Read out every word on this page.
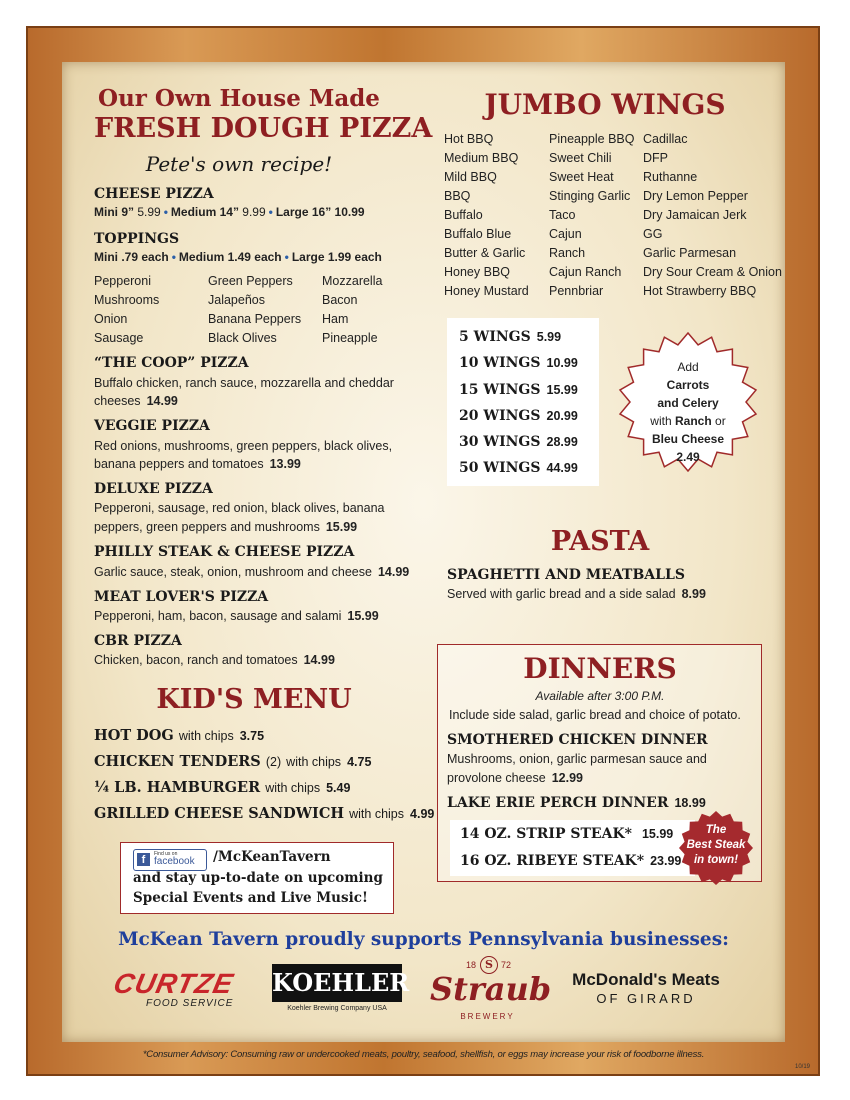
Our Own House Made
FRESH DOUGH PIZZA
Pete's own recipe!
CHEESE PIZZA
Mini 9” 5.99 • Medium 14” 9.99 • Large 16” 10.99
TOPPINGS
Mini .79 each • Medium 1.49 each • Large 1.99 each
Pepperoni
Mushrooms
Onion
Sausage
Green Peppers
Jalapeños
Banana Peppers
Black Olives
Mozzarella
Bacon
Ham
Pineapple
“THE COOP” PIZZA
Buffalo chicken, ranch sauce, mozzarella and cheddar
cheeses 14.99
VEGGIE PIZZA
Red onions, mushrooms, green peppers, black olives,
banana peppers and tomatoes 13.99
DELUXE PIZZA
Pepperoni, sausage, red onion, black olives, banana
peppers, green peppers and mushrooms 15.99
PHILLY STEAK & CHEESE PIZZA
Garlic sauce, steak, onion, mushroom and cheese 14.99
MEAT LOVER'S PIZZA
Pepperoni, ham, bacon, sausage and salami 15.99
CBR PIZZA
Chicken, bacon, ranch and tomatoes 14.99
KID'S MENU
HOT DOG with chips 3.75
CHICKEN TENDERS (2) with chips 4.75
¼ LB. HAMBURGER with chips 5.49
GRILLED CHEESE SANDWICH with chips 4.99
f	Find us on
facebook /McKeanTavern
and stay up-to-date on upcoming
Special Events and Live Music!
JUMBO WINGS
Hot BBQ
Medium BBQ
Mild BBQ
BBQ
Buffalo
Buffalo Blue
Butter & Garlic
Honey BBQ
Honey Mustard
Pineapple BBQ
Sweet Chili
Sweet Heat
Stinging Garlic
Taco
Cajun
Ranch
Cajun Ranch
Pennbriar
Cadillac
DFP
Ruthanne
Dry Lemon Pepper
Dry Jamaican Jerk
GG
Garlic Parmesan
Dry Sour Cream & Onion
Hot Strawberry BBQ
5 WINGS 5.99
10 WINGS 10.99
15 WINGS 15.99
20 WINGS 20.99
30 WINGS 28.99
50 WINGS 44.99
Add
Carrots
and Celery
with Ranch or
Bleu Cheese
2.49
PASTA
SPAGHETTI AND MEATBALLS
Served with garlic bread and a side salad 8.99
DINNERS
Available after 3:00 P.M.
Include side salad, garlic bread and choice of potato.
SMOTHERED CHICKEN DINNER
Mushrooms, onion, garlic parmesan sauce and
provolone cheese 12.99
LAKE ERIE PERCH DINNER 18.99
14 OZ. STRIP STEAK* 15.99
16 OZ. RIBEYE STEAK* 23.99
The
Best Steak
in town!
McKean Tavern proudly supports Pennsylvania businesses:
CURTZE
FOOD SERVICE
KOEHLER
Koehler Brewing Company USA
18 S 72
Straub
BREWERY
McDonald's Meats
OF GIRARD
*Consumer Advisory: Consuming raw or undercooked meats, poultry, seafood, shellfish, or eggs may increase your risk of foodborne illness.
10/19
